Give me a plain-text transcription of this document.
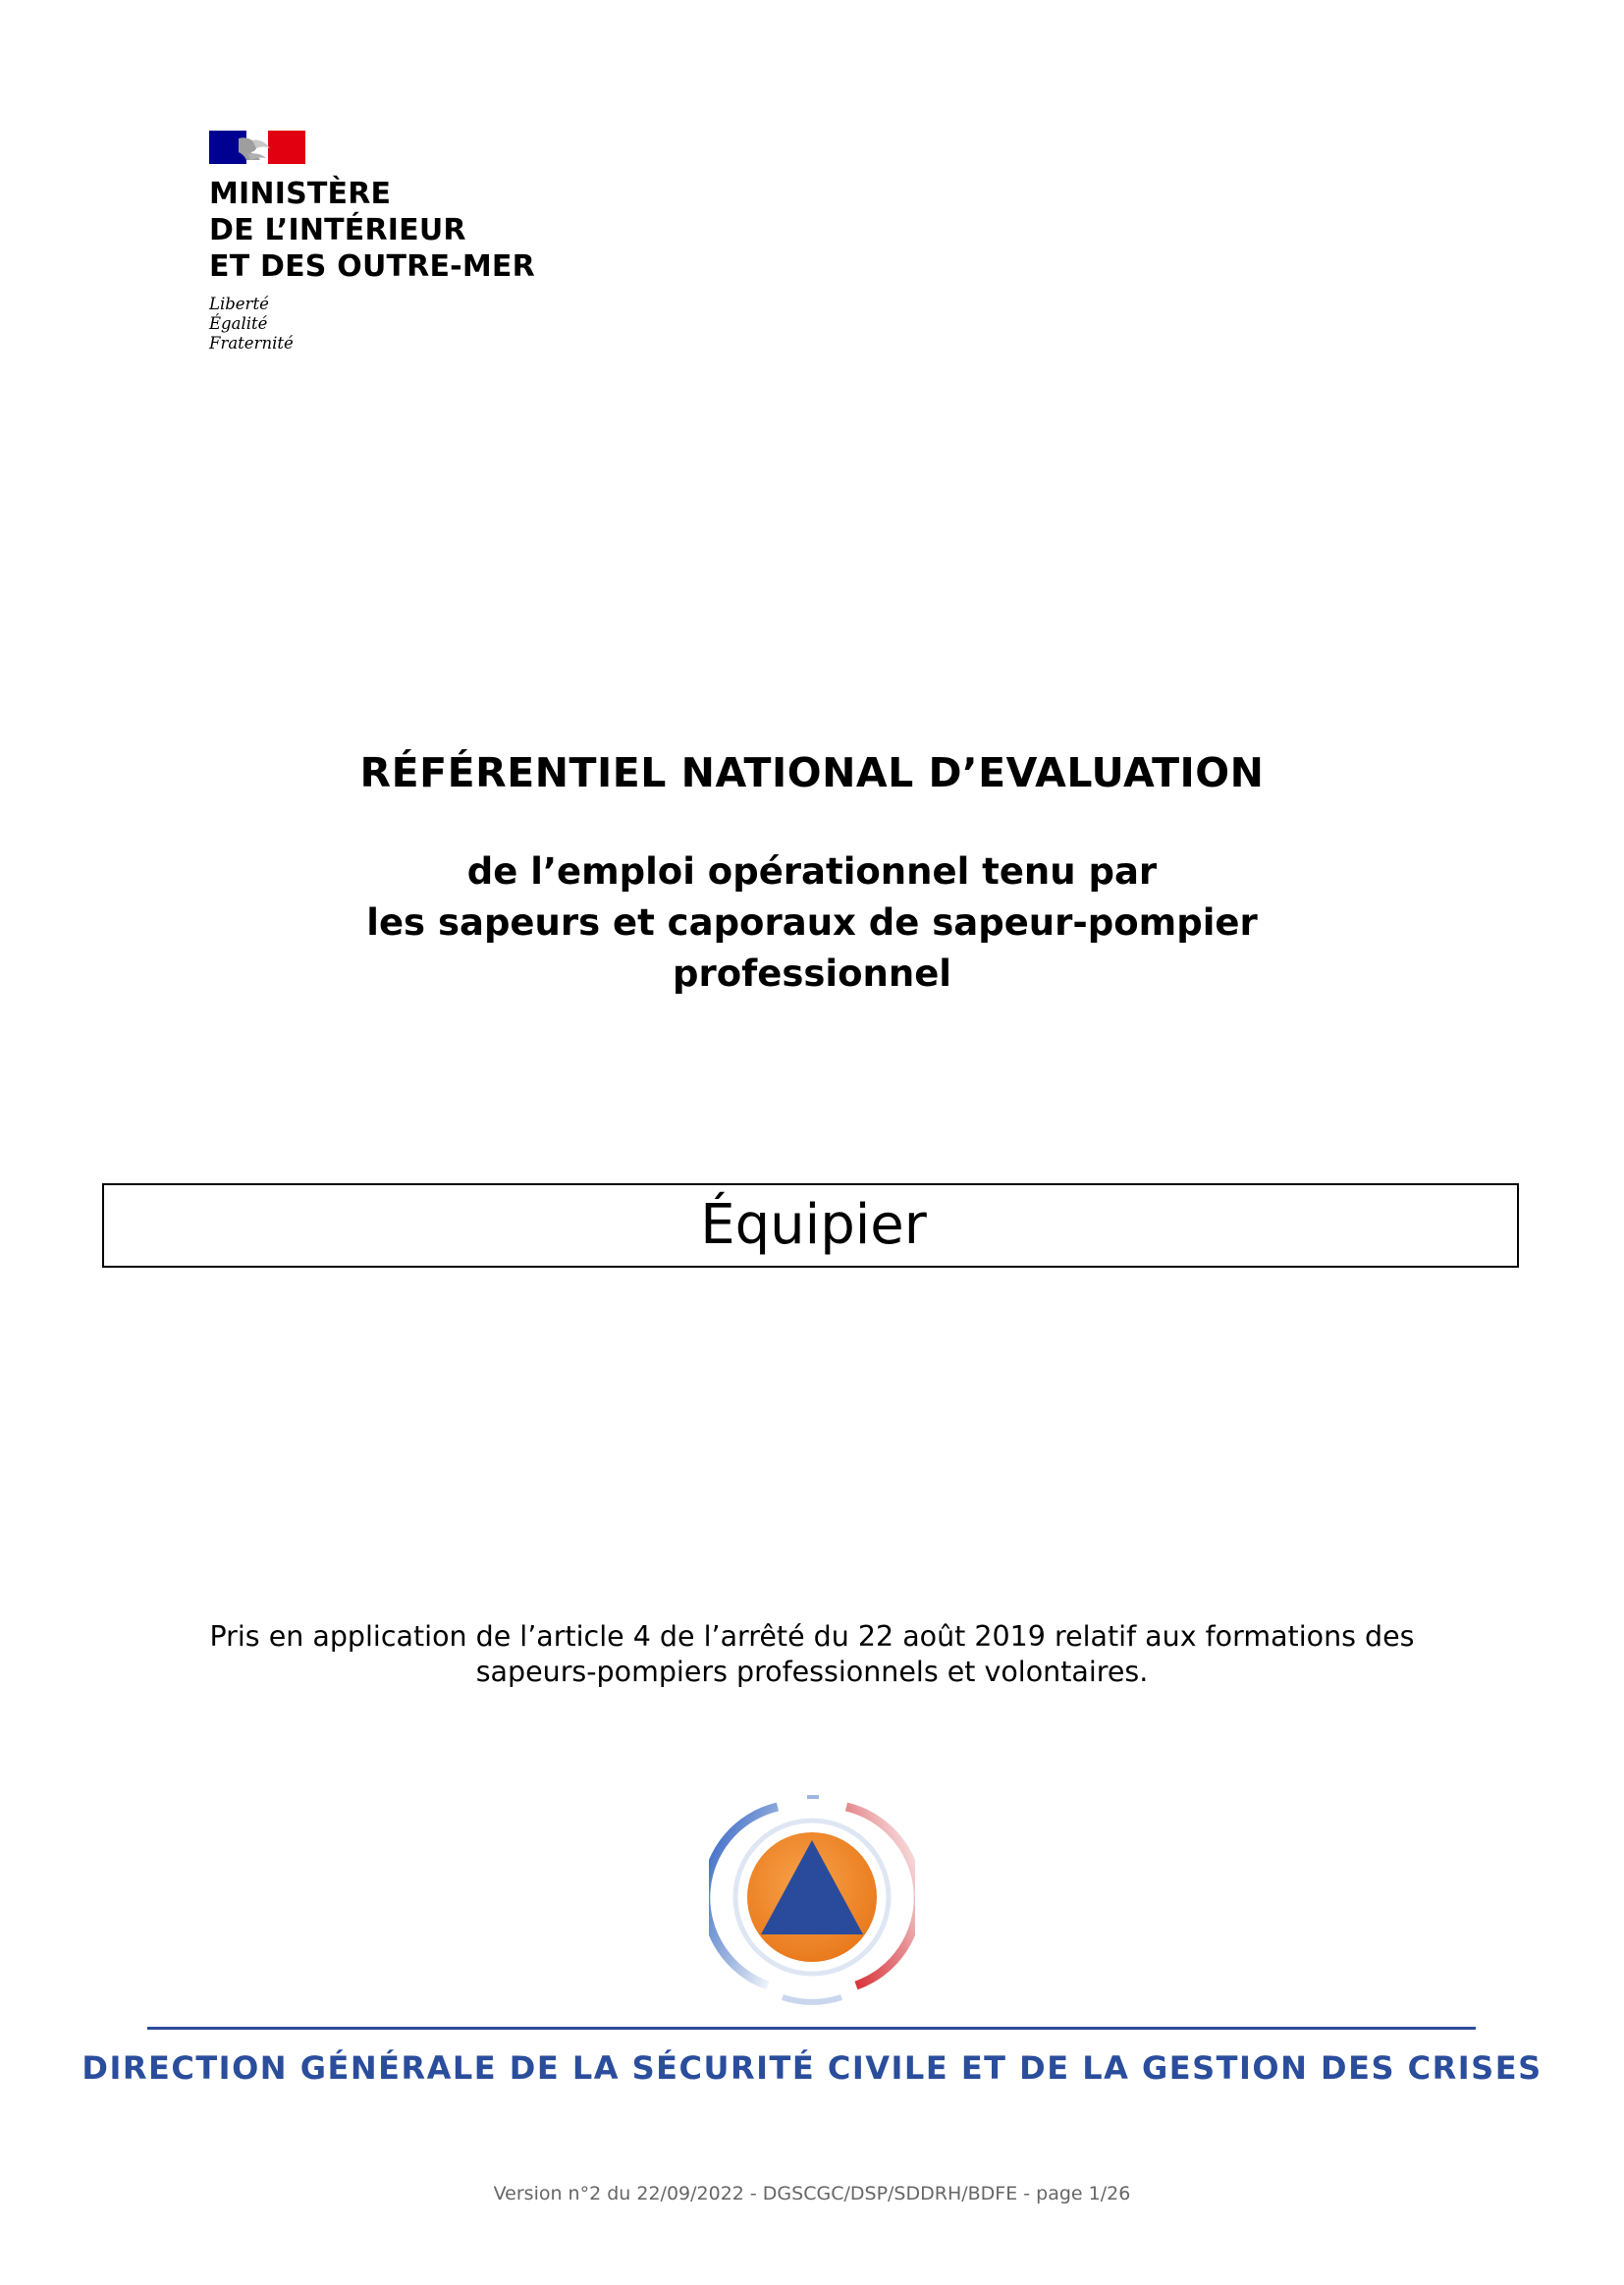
MINISTÈRE
DE L’INTÉRIEUR
ET DES OUTRE-MER
Liberté
Égalité
Fraternité
RÉFÉRENTIEL NATIONAL D’EVALUATION
de l’emploi opérationnel tenu par
les sapeurs et caporaux de sapeur-pompier
professionnel
Équipier
Pris en application de l’article 4 de l’arrêté du 22 août 2019 relatif aux formations des
sapeurs-pompiers professionnels et volontaires.
DIRECTION GÉNÉRALE DE LA SÉCURITÉ CIVILE ET DE LA GESTION DES CRISES
Version n°2 du 22/09/2022 - DGSCGC/DSP/SDDRH/BDFE - page 1/26
